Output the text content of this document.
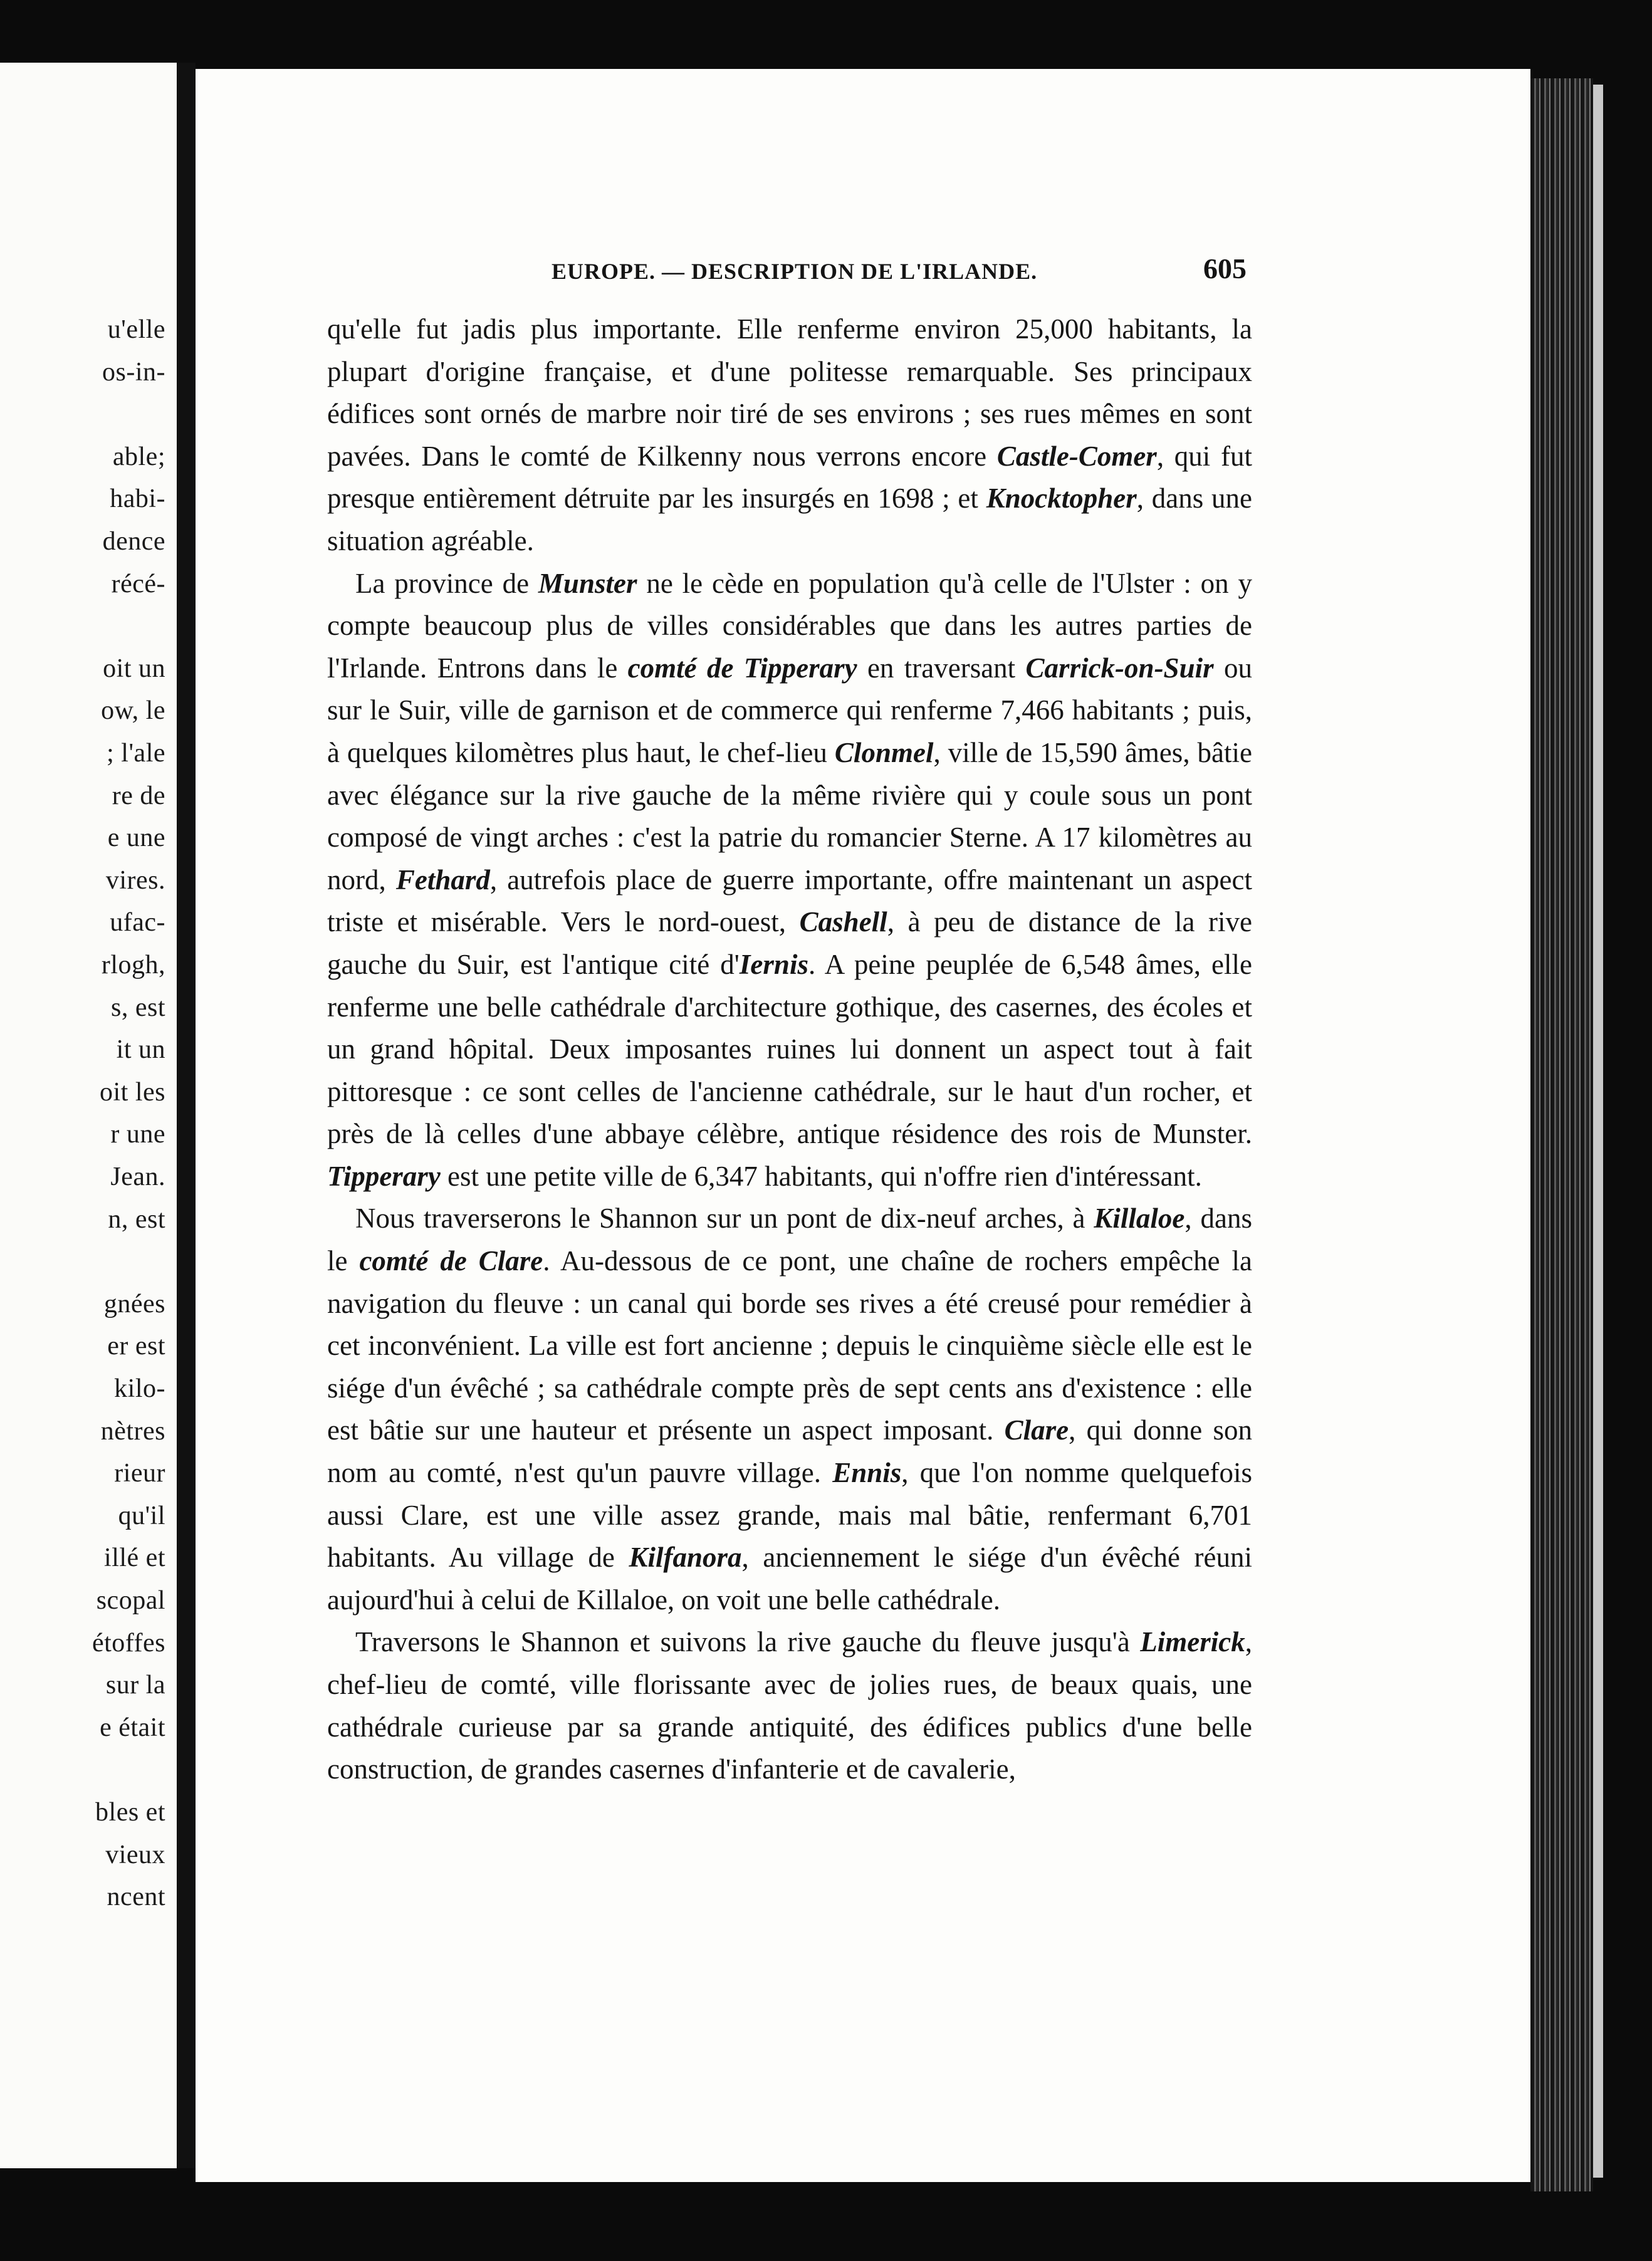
u'elle
os-in-
able;
habi-
dence
récé-
oit un
ow, le
; l'ale
re de
e une
vires.
ufac-
rlogh,
s, est
it un
oit les
r une
Jean.
n, est
gnées
er est
kilo-
nètres
rieur
qu'il
illé et
scopal
étoffes
sur la
e était
bles et
vieux
ncent
EUROPE. — DESCRIPTION DE L'IRLANDE.	605

qu'elle fut jadis plus importante. Elle renferme environ 25,000 habitants, la plupart d'origine française, et d'une politesse remarquable. Ses principaux édifices sont ornés de marbre noir tiré de ses environs ; ses rues mêmes en sont pavées. Dans le comté de Kilkenny nous verrons encore Castle-Comer, qui fut presque entièrement détruite par les insurgés en 1698 ; et Knocktopher, dans une situation agréable.

La province de Munster ne le cède en population qu'à celle de l'Ulster : on y compte beaucoup plus de villes considérables que dans les autres parties de l'Irlande. Entrons dans le comté de Tipperary en traversant Carrick-on-Suir ou sur le Suir, ville de garnison et de commerce qui renferme 7,466 habitants ; puis, à quelques kilomètres plus haut, le chef-lieu Clonmel, ville de 15,590 âmes, bâtie avec élégance sur la rive gauche de la même rivière qui y coule sous un pont composé de vingt arches : c'est la patrie du romancier Sterne. A 17 kilomètres au nord, Fethard, autrefois place de guerre importante, offre maintenant un aspect triste et misérable. Vers le nord-ouest, Cashell, à peu de distance de la rive gauche du Suir, est l'antique cité d'Iernis. A peine peuplée de 6,548 âmes, elle renferme une belle cathédrale d'architecture gothique, des casernes, des écoles et un grand hôpital. Deux imposantes ruines lui donnent un aspect tout à fait pittoresque : ce sont celles de l'ancienne cathédrale, sur le haut d'un rocher, et près de là celles d'une abbaye célèbre, antique résidence des rois de Munster. Tipperary est une petite ville de 6,347 habitants, qui n'offre rien d'intéressant.

Nous traverserons le Shannon sur un pont de dix-neuf arches, à Killaloe, dans le comté de Clare. Au-dessous de ce pont, une chaîne de rochers empêche la navigation du fleuve : un canal qui borde ses rives a été creusé pour remédier à cet inconvénient. La ville est fort ancienne ; depuis le cinquième siècle elle est le siége d'un évêché ; sa cathédrale compte près de sept cents ans d'existence : elle est bâtie sur une hauteur et présente un aspect imposant. Clare, qui donne son nom au comté, n'est qu'un pauvre village. Ennis, que l'on nomme quelquefois aussi Clare, est une ville assez grande, mais mal bâtie, renfermant 6,701 habitants. Au village de Kilfanora, anciennement le siége d'un évêché réuni aujourd'hui à celui de Killaloe, on voit une belle cathédrale.

Traversons le Shannon et suivons la rive gauche du fleuve jusqu'à Limerick, chef-lieu de comté, ville florissante avec de jolies rues, de beaux quais, une cathédrale curieuse par sa grande antiquité, des édifices publics d'une belle construction, de grandes casernes d'infanterie et de cavalerie,
